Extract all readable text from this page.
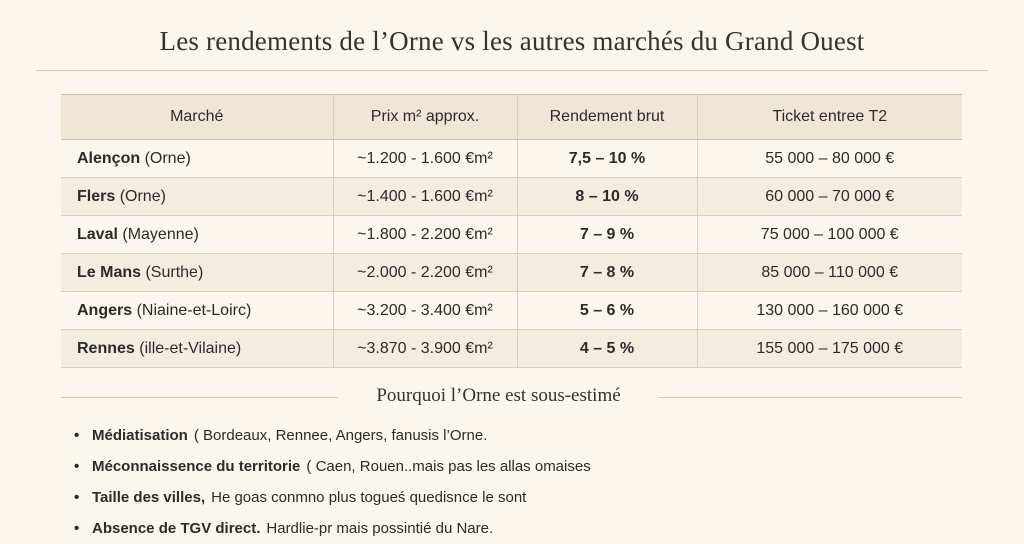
Les rendements de l’Orne vs les autres marchés du Grand Ouest
Marché	Prix m² approx.	Rendement brut	Ticket entree T2
Alençon (Orne)	~1.200 - 1.600 €m²	7,5 – 10 %	55 000 – 80 000 €
Flers (Orne)	~1.400 - 1.600 €m²	8 – 10 %	60 000 – 70 000 €
Laval (Mayenne)	~1.800 - 2.200 €m²	7 – 9 %	75 000 – 100 000 €
Le Mans (Surthe)	~2.000 - 2.200 €m²	7 – 8 %	85 000 – 110 000 €
Angers (Niaine-et-Loirc)	~3.200 - 3.400 €m²	5 – 6 %	130 000 – 160 000 €
Rennes (ille-et-Vilaine)	~3.870 - 3.900 €m²	4 – 5 %	155 000 – 175 000 €
Pourquoi l’Orne est sous-estimé
• Médiatisation ( Bordeaux, Rennee, Angers, fanusis l’Orne.
• Méconnaissence du territorie ( Caen, Rouen..mais pas les allas omaises
• Taille des villes, He goas conmno plus togueś quedisnce le sont
• Absence de TGV direct. Hardlie-pr mais possintié du Nare.
